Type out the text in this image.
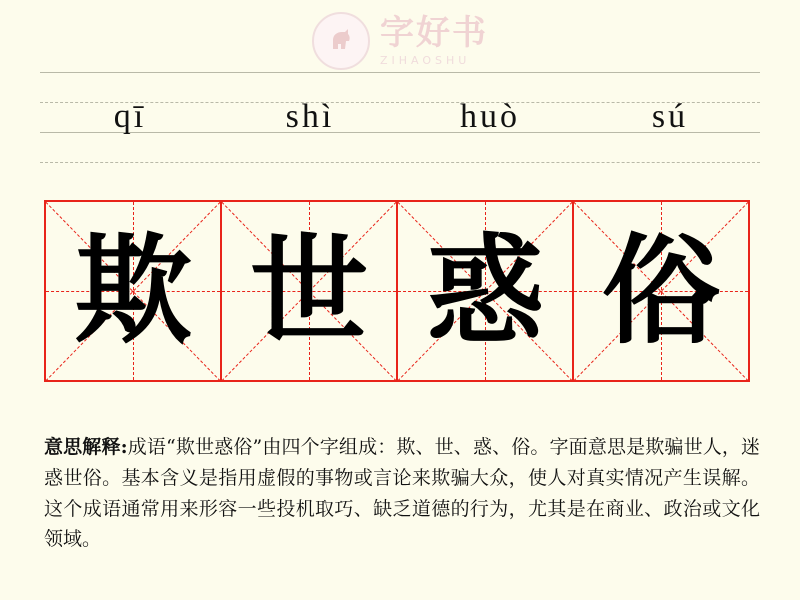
字好书
ZIHAOSHU
qī	shì	huò	sú
欺 世 惑 俗
意思解释:成语“欺世惑俗”由四个字组成：欺、世、惑、俗。字面意思是欺骗世人，迷惑世俗。基本含义是指用虚假的事物或言论来欺骗大众，使人对真实情况产生误解。这个成语通常用来形容一些投机取巧、缺乏道德的行为，尤其是在商业、政治或文化领域。
